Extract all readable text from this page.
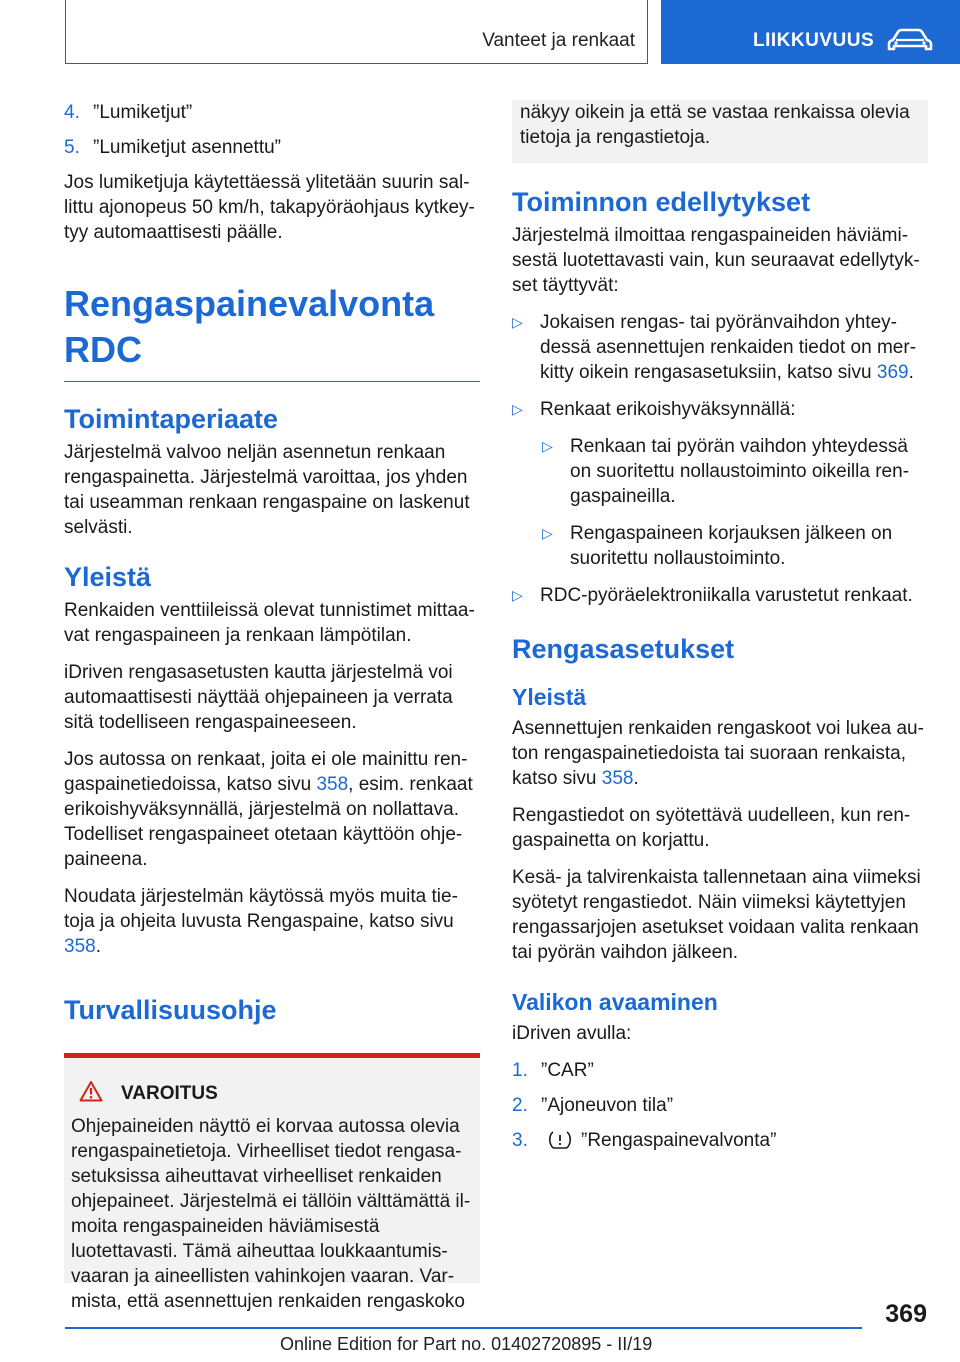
Vanteet ja renkaat	LIIKKUVUUS
4. ”Lumiketjut”
5. ”Lumiketjut asennettu”

Jos lumiketjuja käytettäessä ylitetään suurin sallittu ajonopeus 50 km/h, takapyöräohjaus kytkeytyy automaattisesti päälle.

Rengaspainevalvonta RDC
Toimintaperiaate

Järjestelmä valvoo neljän asennetun renkaan rengaspainetta. Järjestelmä varoittaa, jos yhden tai useamman renkaan rengaspaine on laskenut selvästi.

Yleistä

Renkaiden venttiileissä olevat tunnistimet mittaavat rengaspaineen ja renkaan lämpötilan.

iDriven rengasasetusten kautta järjestelmä voi automaattisesti näyttää ohjepaineen ja verrata sitä todelliseen rengaspaineeseen.

Jos autossa on renkaat, joita ei ole mainittu rengaspainetiedoissa, katso sivu 358, esim. renkaat erikoishyväksynnällä, järjestelmä on nollattava. Todelliset rengaspaineet otetaan käyttöön ohjepaineena.

Noudata järjestelmän käytössä myös muita tietoja ja ohjeita luvusta Rengaspaine, katso sivu 358.

Turvallisuusohje
VAROITUS

Ohjepaineiden näyttö ei korvaa autossa olevia rengaspainetietoja. Virheelliset tiedot rengasasetuksissa aiheuttavat virheelliset renkaiden ohjepaineet. Järjestelmä ei tällöin välttämättä ilmoita rengaspaineiden häviämisestä luotettavasti. Tämä aiheuttaa loukkaantumisvaaran ja aineellisten vahinkojen vaaran. Varmista, että asennettujen renkaiden rengaskoko

näkyy oikein ja että se vastaa renkaissa olevia tietoja ja rengastietoja.

Toiminnon edellytykset

Järjestelmä ilmoittaa rengaspaineiden häviämisestä luotettavasti vain, kun seuraavat edellytykset täyttyvät:

▷ Jokaisen rengas- tai pyöränvaihdon yhteydessä asennettujen renkaiden tiedot on merkitty oikein rengasasetuksiin, katso sivu 369.
▷ Renkaat erikoishyväksynnällä:
▷ Renkaan tai pyörän vaihdon yhteydessä on suoritettu nollaustoiminto oikeilla rengaspaineilla.
▷ Rengaspaineen korjauksen jälkeen on suoritettu nollaustoiminto.
▷ RDC-pyöräelektroniikalla varustetut renkaat.
Rengasasetukset
Yleistä

Asennettujen renkaiden rengaskoot voi lukea auton rengaspainetiedoista tai suoraan renkaista, katso sivu 358.

Rengastiedot on syötettävä uudelleen, kun rengaspainetta on korjattu.

Kesä- ja talvirenkaista tallennetaan aina viimeksi syötetyt rengastiedot. Näin viimeksi käytettyjen rengassarjojen asetukset voidaan valita renkaan tai pyörän vaihdon jälkeen.

Valikon avaaminen

iDriven avulla:

1. ”CAR”
2. ”Ajoneuvon tila”
3.	”Rengaspainevalvonta”
369
Online Edition for Part no. 01402720895 - II/19
